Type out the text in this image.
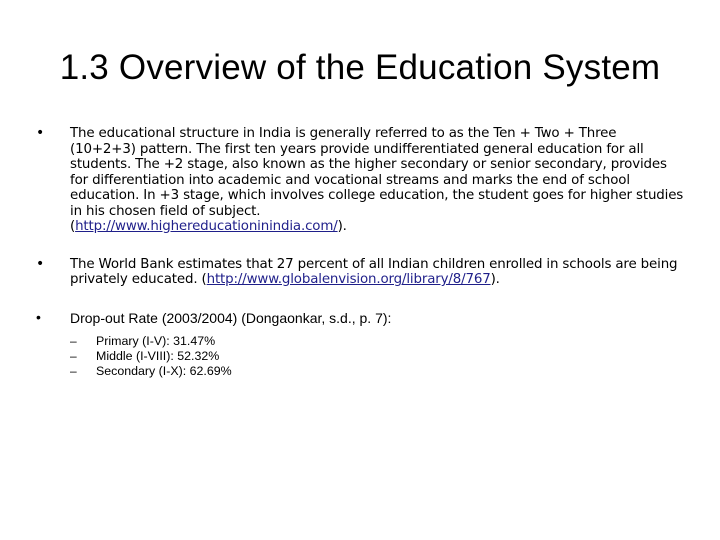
1.3 Overview of the Education System
• The educational structure in India is generally referred to as the Ten + Two + Three (10+2+3) pattern. The first ten years provide undifferentiated general education for all students. The +2 stage, also known as the higher secondary or senior secondary, provides for differentiation into academic and vocational streams and marks the end of school education. In +3 stage, which involves college education, the student goes for higher studies in his chosen field of subject.
(http://www.highereducationinindia.com/).
• The World Bank estimates that 27 percent of all Indian children enrolled in schools are being privately educated. (http://www.globalenvision.org/library/8/767).
•	Drop-out Rate (2003/2004) (Dongaonkar, s.d., p. 7):
– Primary (I-V): 31.47%
– Middle (I-VIII): 52.32%
– Secondary (I-X): 62.69%
